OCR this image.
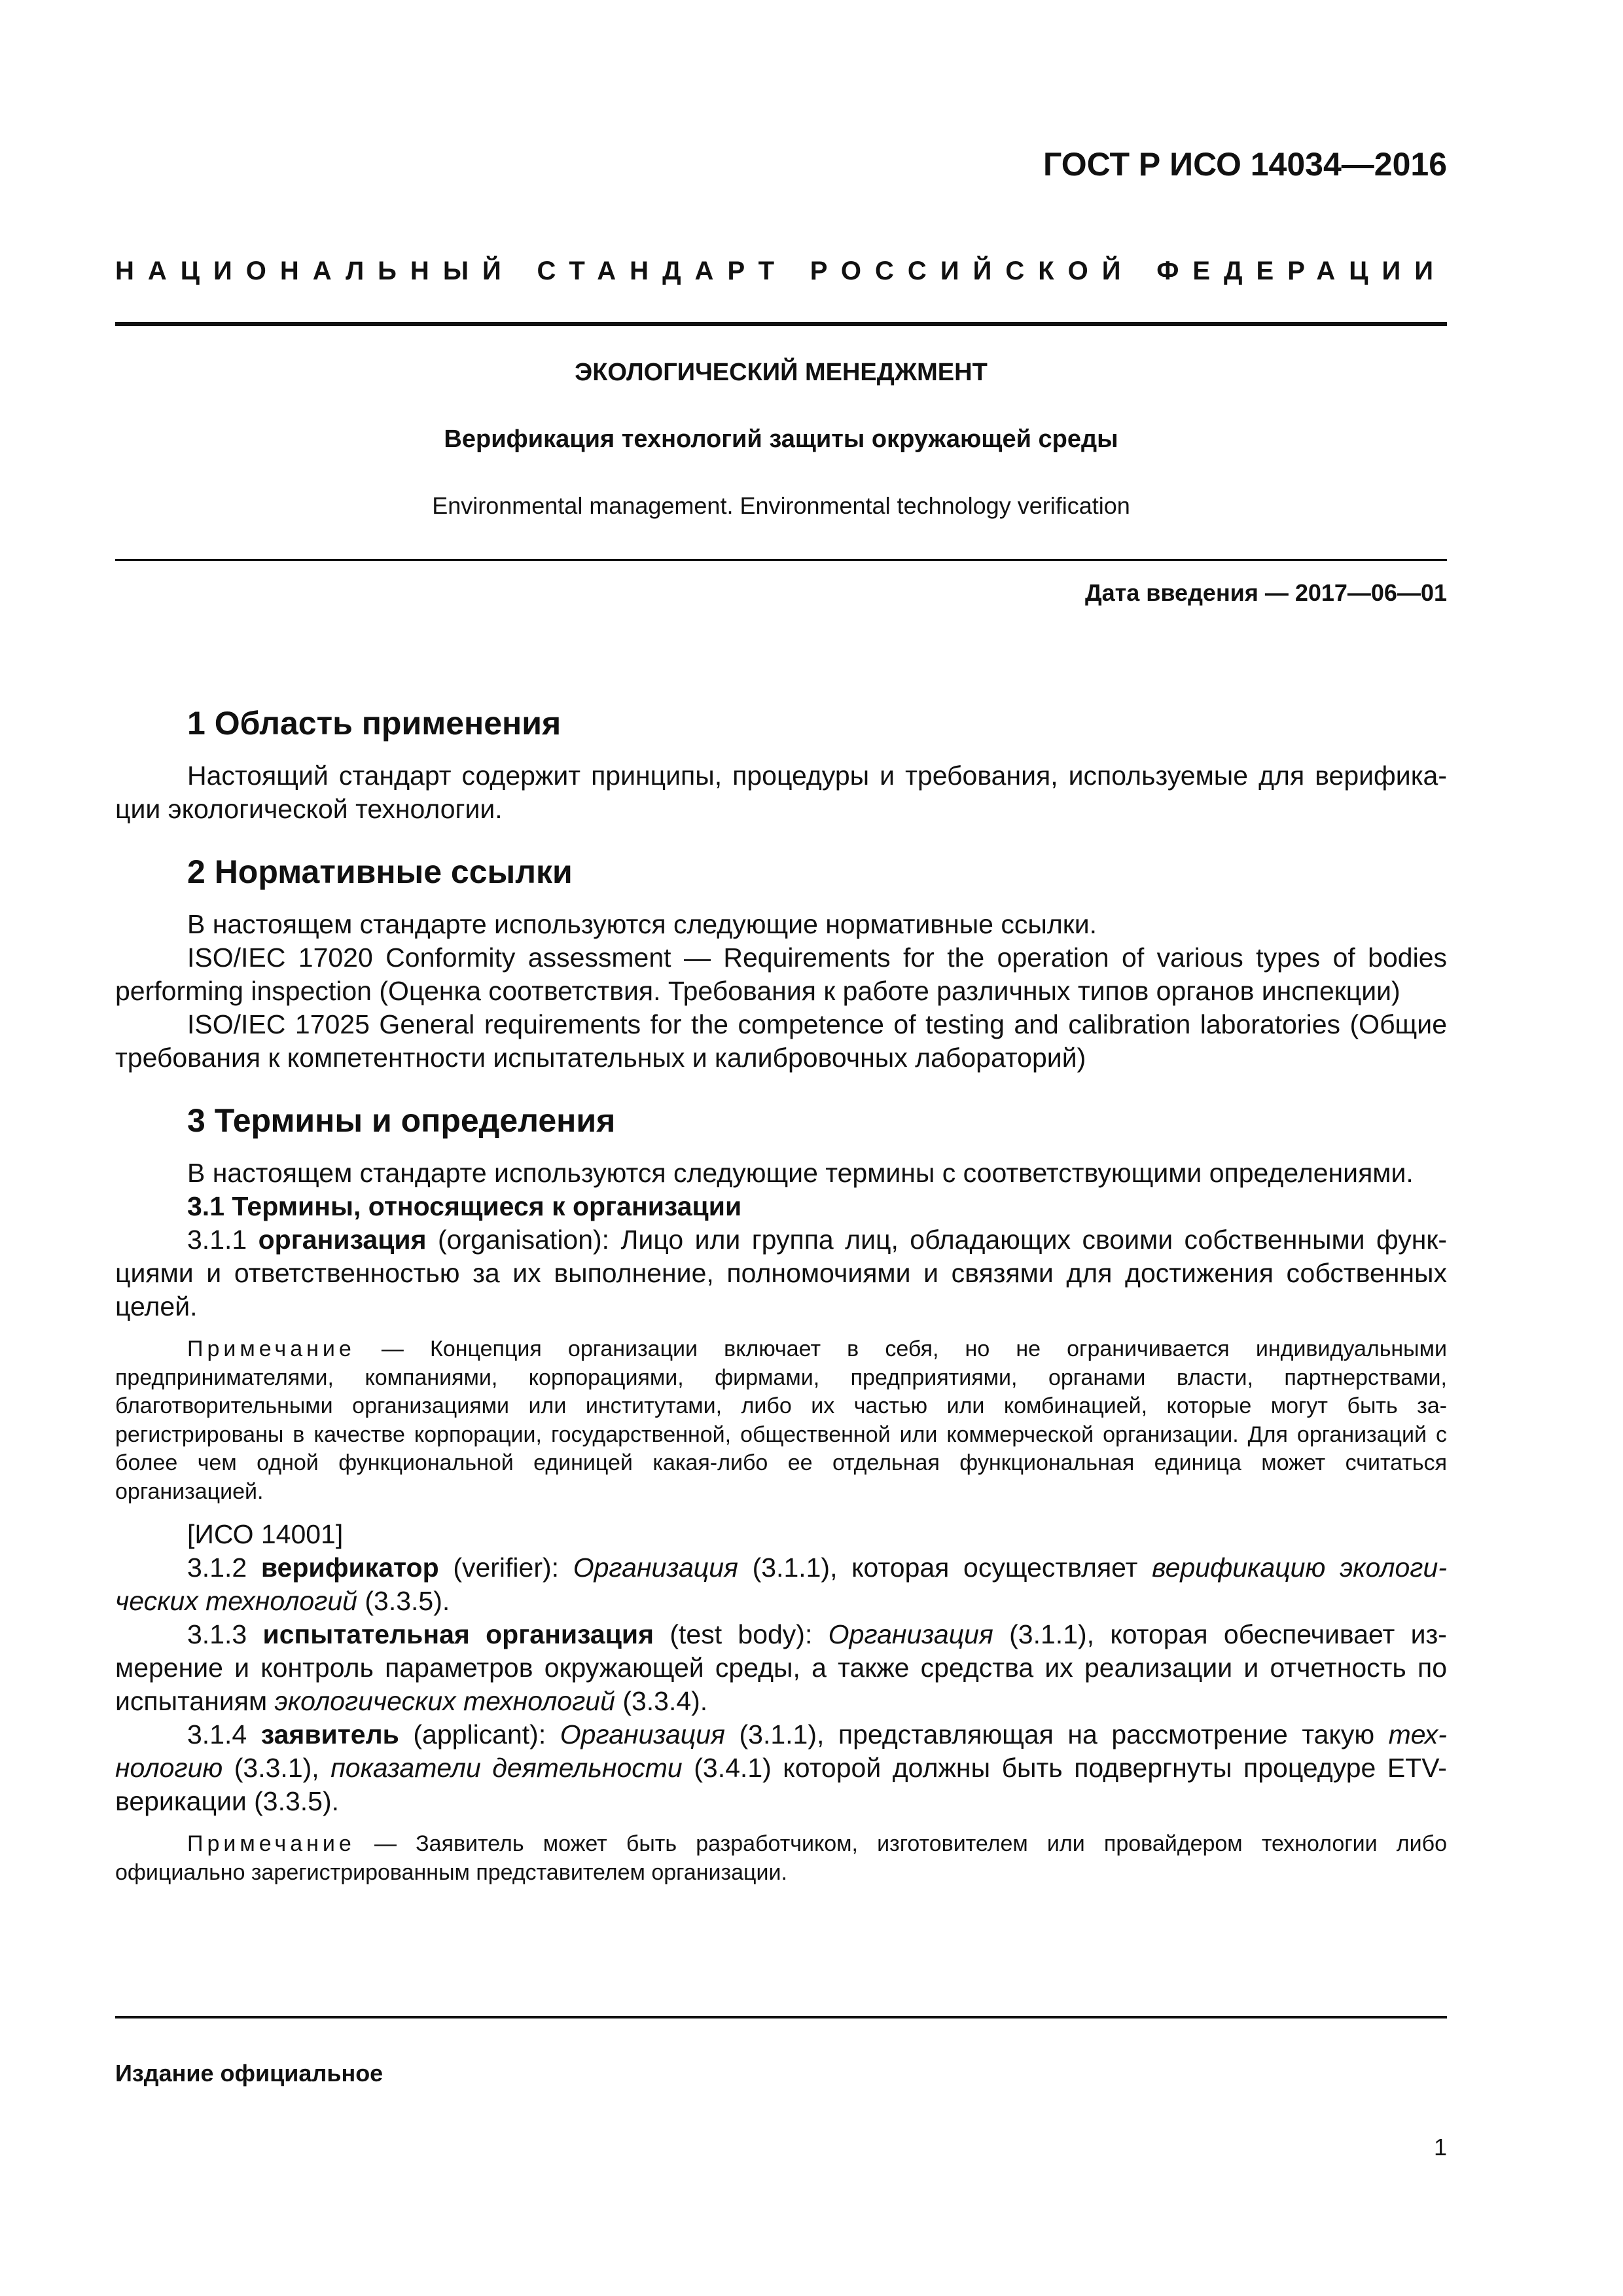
ГОСТ Р ИСО 14034—2016
НАЦИОНАЛЬНЫЙ СТАНДАРТ РОССИЙСКОЙ ФЕДЕРАЦИИ
ЭКОЛОГИЧЕСКИЙ МЕНЕДЖМЕНТ
Верификация технологий защиты окружающей среды
Environmental management. Environmental technology verification
Дата введения — 2017—06—01
1 Область применения

Настоящий стандарт содержит принципы, процедуры и требования, используемые для верификации экологической технологии.

2 Нормативные ссылки

В настоящем стандарте используются следующие нормативные ссылки.

ISO/IEC 17020 Conformity assessment — Requirements for the operation of various types of bodies performing inspection (Оценка соответствия. Требования к работе различных типов органов инспекции)

ISO/IEC 17025 General requirements for the competence of testing and calibration laboratories (Общие требования к компетентности испытательных и калибровочных лабораторий)

3 Термины и определения

В настоящем стандарте используются следующие термины с соответствующими определениями.

3.1 Термины, относящиеся к организации

3.1.1 организация (organisation): Лицо или группа лиц, обладающих своими собственными функциями и ответственностью за их выполнение, полномочиями и связями для достижения собственных целей.

Примечание — Концепция организации включает в себя, но не ограничивается индивидуальными предпринимателями, компаниями, корпорациями, фирмами, предприятиями, органами власти, партнерствами, благотворительными организациями или институтами, либо их частью или комбинацией, которые могут быть зарегистрированы в качестве корпорации, государственной, общественной или коммерческой организации. Для организаций с более чем одной функциональной единицей какая-либо ее отдельная функциональная единица может считаться организацией.

[ИСО 14001]

3.1.2 верификатор (verifier): Организация (3.1.1), которая осуществляет верификацию экологических технологий (3.3.5).

3.1.3 испытательная организация (test body): Организация (3.1.1), которая обеспечивает измерение и контроль параметров окружающей среды, а также средства их реализации и отчетность по испытаниям экологических технологий (3.3.4).

3.1.4 заявитель (applicant): Организация (3.1.1), представляющая на рассмотрение такую технологию (3.3.1), показатели деятельности (3.4.1) которой должны быть подвергнуты процедуре ETV-верикации (3.3.5).

Примечание — Заявитель может быть разработчиком, изготовителем или провайдером технологии либо официально зарегистрированным представителем организации.

Издание официальное
1
